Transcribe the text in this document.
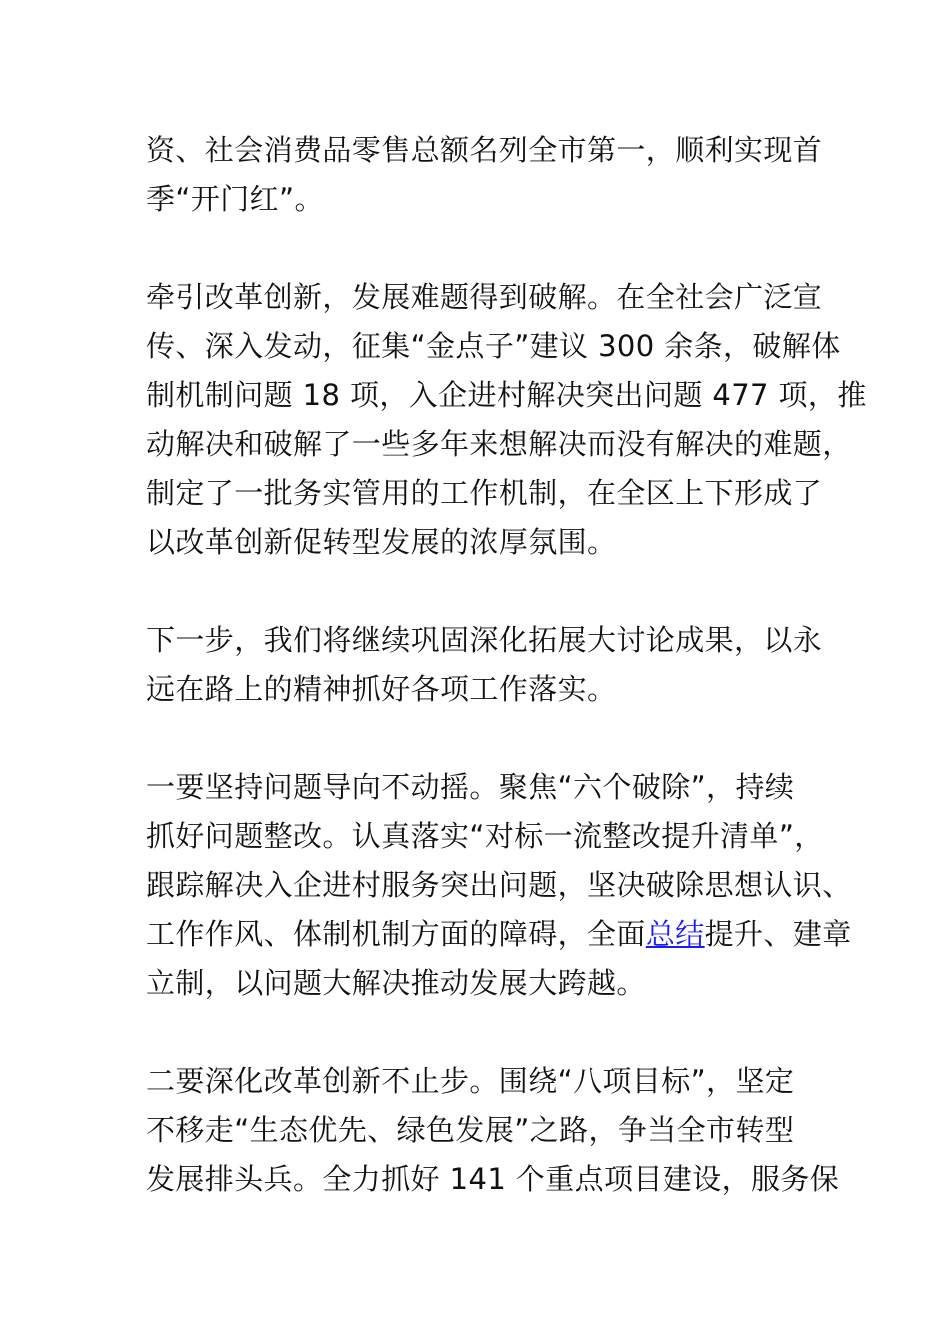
资、社会消费品零售总额名列全市第一，顺利实现首
季“开门红”。
牵引改革创新，发展难题得到破解。在全社会广泛宣
传、深入发动，征集“金点子”建议 300 余条，破解体
制机制问题 18 项，入企进村解决突出问题 477 项，推
动解决和破解了一些多年来想解决而没有解决的难题，
制定了一批务实管用的工作机制，在全区上下形成了
以改革创新促转型发展的浓厚氛围。
下一步，我们将继续巩固深化拓展大讨论成果，以永
远在路上的精神抓好各项工作落实。
一要坚持问题导向不动摇。聚焦“六个破除”，持续
抓好问题整改。认真落实“对标一流整改提升清单”，
跟踪解决入企进村服务突出问题，坚决破除思想认识、
工作作风、体制机制方面的障碍，全面总结提升、建章
立制，以问题大解决推动发展大跨越。
二要深化改革创新不止步。围绕“八项目标”，坚定
不移走“生态优先、绿色发展”之路，争当全市转型
发展排头兵。全力抓好 141 个重点项目建设，服务保
